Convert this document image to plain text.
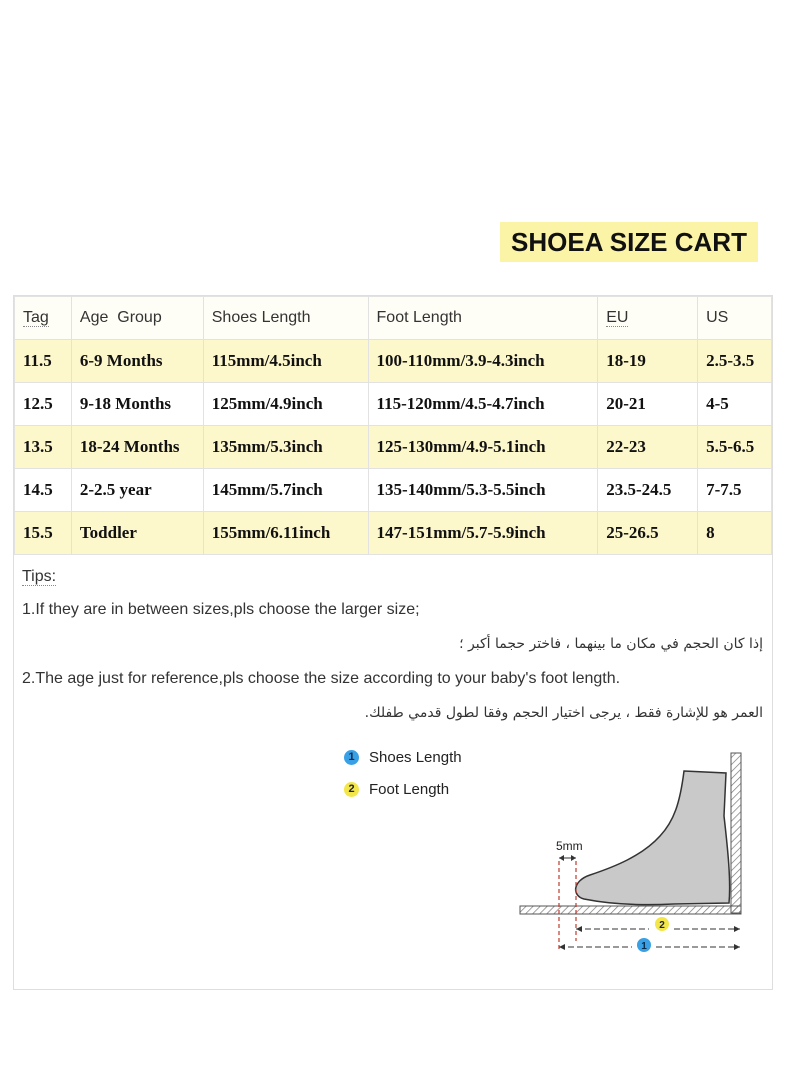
SHOEA SIZE CART
Tag	Age  Group	Shoes Length	Foot Length	EU	US
11.5	6-9 Months	115mm/4.5inch	100-110mm/3.9-4.3inch	18-19	2.5-3.5
12.5	9-18 Months	125mm/4.9inch	115-120mm/4.5-4.7inch	20-21	4-5
13.5	18-24 Months	135mm/5.3inch	125-130mm/4.9-5.1inch	22-23	5.5-6.5
14.5	2-2.5 year	145mm/5.7inch	135-140mm/5.3-5.5inch	23.5-24.5	7-7.5
15.5	Toddler	155mm/6.11inch	147-151mm/5.7-5.9inch	25-26.5	8
Tips:
1.If they are in between sizes,pls choose the larger size;
إذا كان الحجم في مكان ما بينهما ، فاختر حجما أكبر ؛
2.The age just for reference,pls choose the size according to your baby's foot length.
العمر هو للإشارة فقط ، يرجى اختيار الحجم وفقا لطول قدمي طفلك.
1 Shoes Length
2 Foot Length
5mm
2
1
